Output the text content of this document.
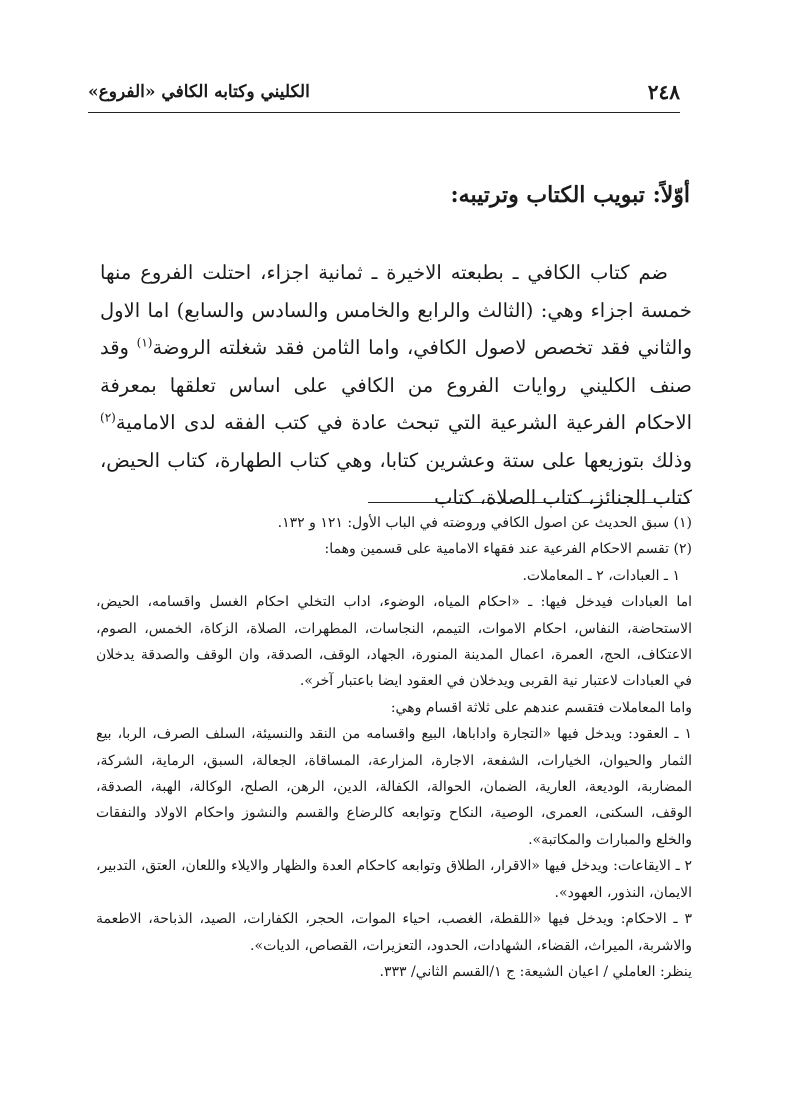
٢٤٨
الكليني وكتابه الكافي «الفروع»
أوّلاً: تبويب الكتاب وترتيبه:
ضم كتاب الكافي ـ بطبعته الاخيرة ـ ثمانية اجزاء، احتلت الفروع منها خمسة اجزاء وهي: (الثالث والرابع والخامس والسادس والسابع) اما الاول والثاني فقد تخصص لاصول الكافي، واما الثامن فقد شغلته الروضة$^{(١)}$ وقد صنف الكليني روايات الفروع من الكافي على اساس تعلقها بمعرفة الاحكام الفرعية الشرعية التي تبحث عادة في كتب الفقه لدى الامامية$^{(٢)}$ وذلك بتوزيعها على ستة وعشرين كتابا، وهي كتاب الطهارة، كتاب الحيض، كتاب الجنائز، كتاب الصلاة، كتاب

(١) سبق الحديث عن اصول الكافي وروضته في الباب الأول: ١٢١ و ١٣٢.

(٢) تقسم الاحكام الفرعية عند فقهاء الامامية على قسمين وهما:

١ ـ العبادات، ٢ ـ المعاملات.

اما العبادات فيدخل فيها: ـ «احكام المياه، الوضوء، اداب التخلي احكام الغسل واقسامه، الحيض، الاستحاضة، النفاس، احكام الاموات، التيمم، النجاسات، المطهرات، الصلاة، الزكاة، الخمس، الصوم، الاعتكاف، الحج، العمرة، اعمال المدينة المنورة، الجهاد، الوقف، الصدقة، وان الوقف والصدقة يدخلان في العبادات لاعتبار نية القربى ويدخلان في العقود ايضا باعتبار آخر».

واما المعاملات فتقسم عندهم على ثلاثة اقسام وهي:

١ ـ العقود: ويدخل فيها «التجارة واداباها، البيع واقسامه من النقد والنسيئة، السلف الصرف، الربا، بيع الثمار والحيوان، الخيارات، الشفعة، الاجارة، المزارعة، المساقاة، الجعالة، السبق، الرماية، الشركة، المضاربة، الوديعة، العارية، الضمان، الحوالة، الكفالة، الدين، الرهن، الصلح، الوكالة، الهبة، الصدقة، الوقف، السكنى، العمرى، الوصية، النكاح وتوابعه كالرضاع والقسم والنشوز واحكام الاولاد والنفقات والخلع والمبارات والمكاتبة».

٢ ـ الايقاعات: ويدخل فيها «الاقرار، الطلاق وتوابعه كاحكام العدة والظهار والايلاء واللعان، العتق، التدبير، الايمان، النذور، العهود».

٣ ـ الاحكام: ويدخل فيها «اللقطة، الغصب، احياء الموات، الحجر، الكفارات، الصيد، الذباحة، الاطعمة والاشربة، الميراث، القضاء، الشهادات، الحدود، التعزيرات، القصاص، الديات».

ينظر: العاملي / اعيان الشيعة: ج ١/القسم الثاني/ ٣٣٣.
